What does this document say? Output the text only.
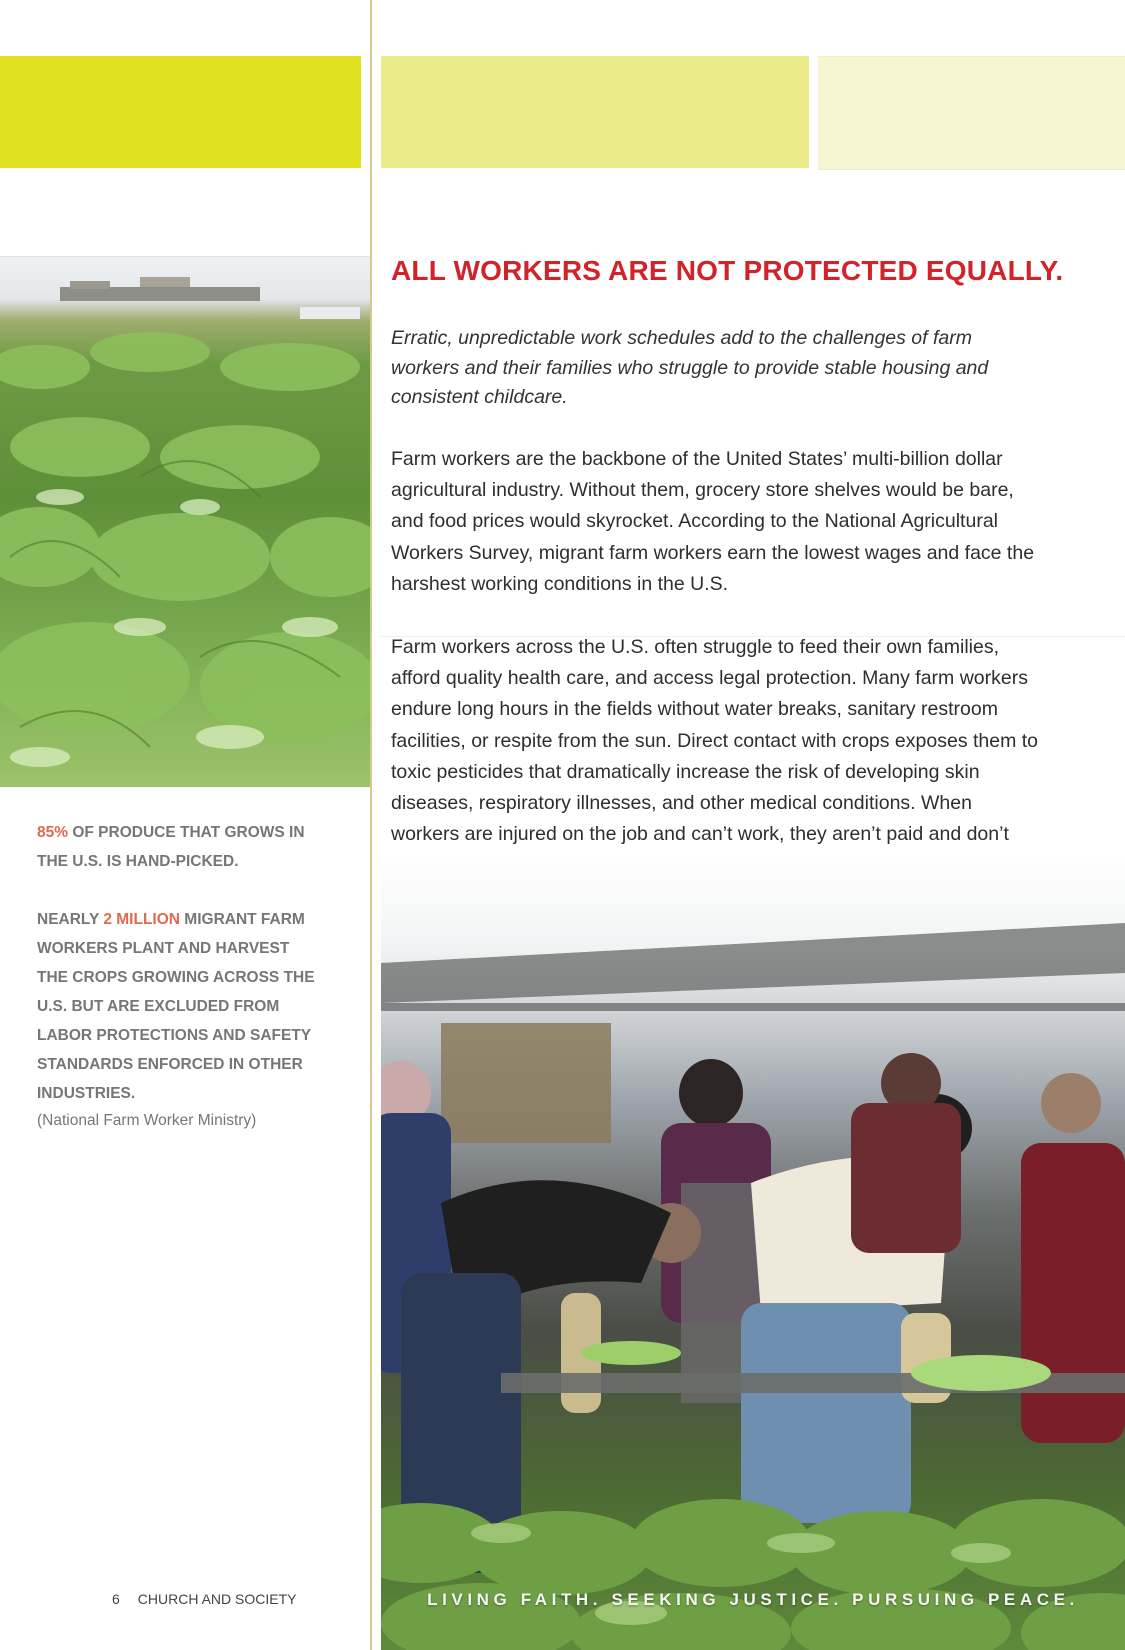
85% OF PRODUCE THAT GROWS IN THE U.S. IS HAND-PICKED.
NEARLY 2 MILLION MIGRANT FARM WORKERS PLANT AND HARVEST THE CROPS GROWING ACROSS THE U.S. BUT ARE EXCLUDED FROM LABOR PROTECTIONS AND SAFETY STANDARDS ENFORCED IN OTHER INDUSTRIES.
(National Farm Worker Ministry)
ALL WORKERS ARE NOT PROTECTED EQUALLY.

Erratic, unpredictable work schedules add to the challenges of farm workers and their families who struggle to provide stable housing and consistent childcare.

Farm workers are the backbone of the United States’ multi-billion dollar agricultural industry. Without them, grocery store shelves would be bare, and food prices would skyrocket. According to the National Agricultural Workers Survey, migrant farm workers earn the lowest wages and face the harshest working conditions in the U.S.

Farm workers across the U.S. often struggle to feed their own families, afford quality health care, and access legal protection. Many farm workers endure long hours in the fields without water breaks, sanitary restroom facilities, or respite from the sun. Direct contact with crops exposes them to toxic pesticides that dramatically increase the risk of developing skin diseases, respiratory illnesses, and other medical conditions. When workers are injured on the job and can’t work, they aren’t paid and don’t

LIVING FAITH. SEEKING JUSTICE. PURSUING PEACE.
6 CHURCH AND SOCIETY
